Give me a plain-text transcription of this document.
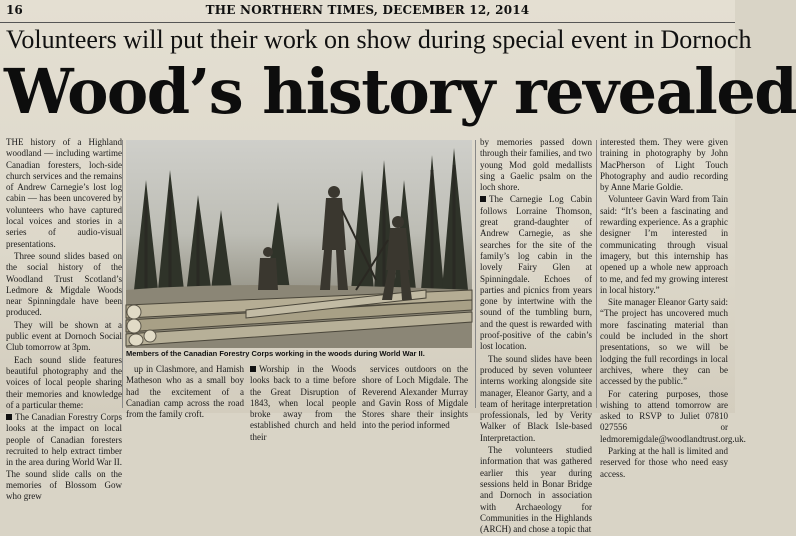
16	THE NORTHERN TIMES, DECEMBER 12, 2014
Volunteers will put their work on show during special event in Dornoch
Wood’s history revealed

THE history of a Highland woodland — including wartime Canadian foresters, loch-side church services and the remains of Andrew Carnegie’s lost log cabin — has been uncovered by volunteers who have captured local voices and stories in a series of audio-visual presentations.

Three sound slides based on the social history of the Woodland Trust Scotland’s Ledmore & Migdale Woods near Spinningdale have been produced.

They will be shown at a public event at Dornoch Social Club tomorrow at 3pm.

Each sound slide features beautiful photography and the voices of local people sharing their memories and knowledge of a particular theme:

The Canadian Forestry Corps looks at the impact on local people of Canadian foresters recruited to help extract timber in the area during World War II. The sound slide calls on the memories of Blossom Gow who grew

Members of the Canadian Forestry Corps working in the woods during World War II.

up in Clashmore, and Hamish Matheson who as a small boy had the excitement of a Canadian camp across the road from the family croft.

Worship in the Woods looks back to a time before the Great Disruption of 1843, when local people broke away from the established church and held their

services outdoors on the shore of Loch Migdale. The Reverend Alexander Murray and Gavin Ross of Migdale Stores share their insights into the period informed

by memories passed down through their families, and two young Mod gold medallists sing a Gaelic psalm on the loch shore.

The Carnegie Log Cabin follows Lorraine Thomson, great grand-daughter of Andrew Carnegie, as she searches for the site of the family’s log cabin in the lovely Fairy Glen at Spinningdale. Echoes of parties and picnics from years gone by intertwine with the sound of the tumbling burn, and the quest is rewarded with proof-positive of the cabin’s lost location.

The sound slides have been produced by seven volunteer interns working alongside site manager, Eleanor Garty, and a team of heritage interpretation professionals, led by Verity Walker of Black Isle-based Interpretaction.

The volunteers studied information that was gathered earlier this year during sessions held in Bonar Bridge and Dornoch in association with Archaeology for Communities in the Highlands (ARCH) and chose a topic that

interested them. They were given training in photography by John MacPherson of Light Touch Photography and audio recording by Anne Marie Goldie.

Volunteer Gavin Ward from Tain said: “It’s been a fascinating and rewarding experience. As a graphic designer I’m interested in communicating through visual imagery, but this internship has opened up a whole new approach to me, and fed my growing interest in local history.”

Site manager Eleanor Garty said: “The project has uncovered much more fascinating material than could be included in the short presentations, so we will be lodging the full recordings in local archives, where they can be accessed by the public.”

For catering purposes, those wishing to attend tomorrow are asked to RSVP to Juliet 07810 027556 or ledmoremigdale@woodlandtrust.org.uk.

Parking at the hall is limited and reserved for those who need easy access.
